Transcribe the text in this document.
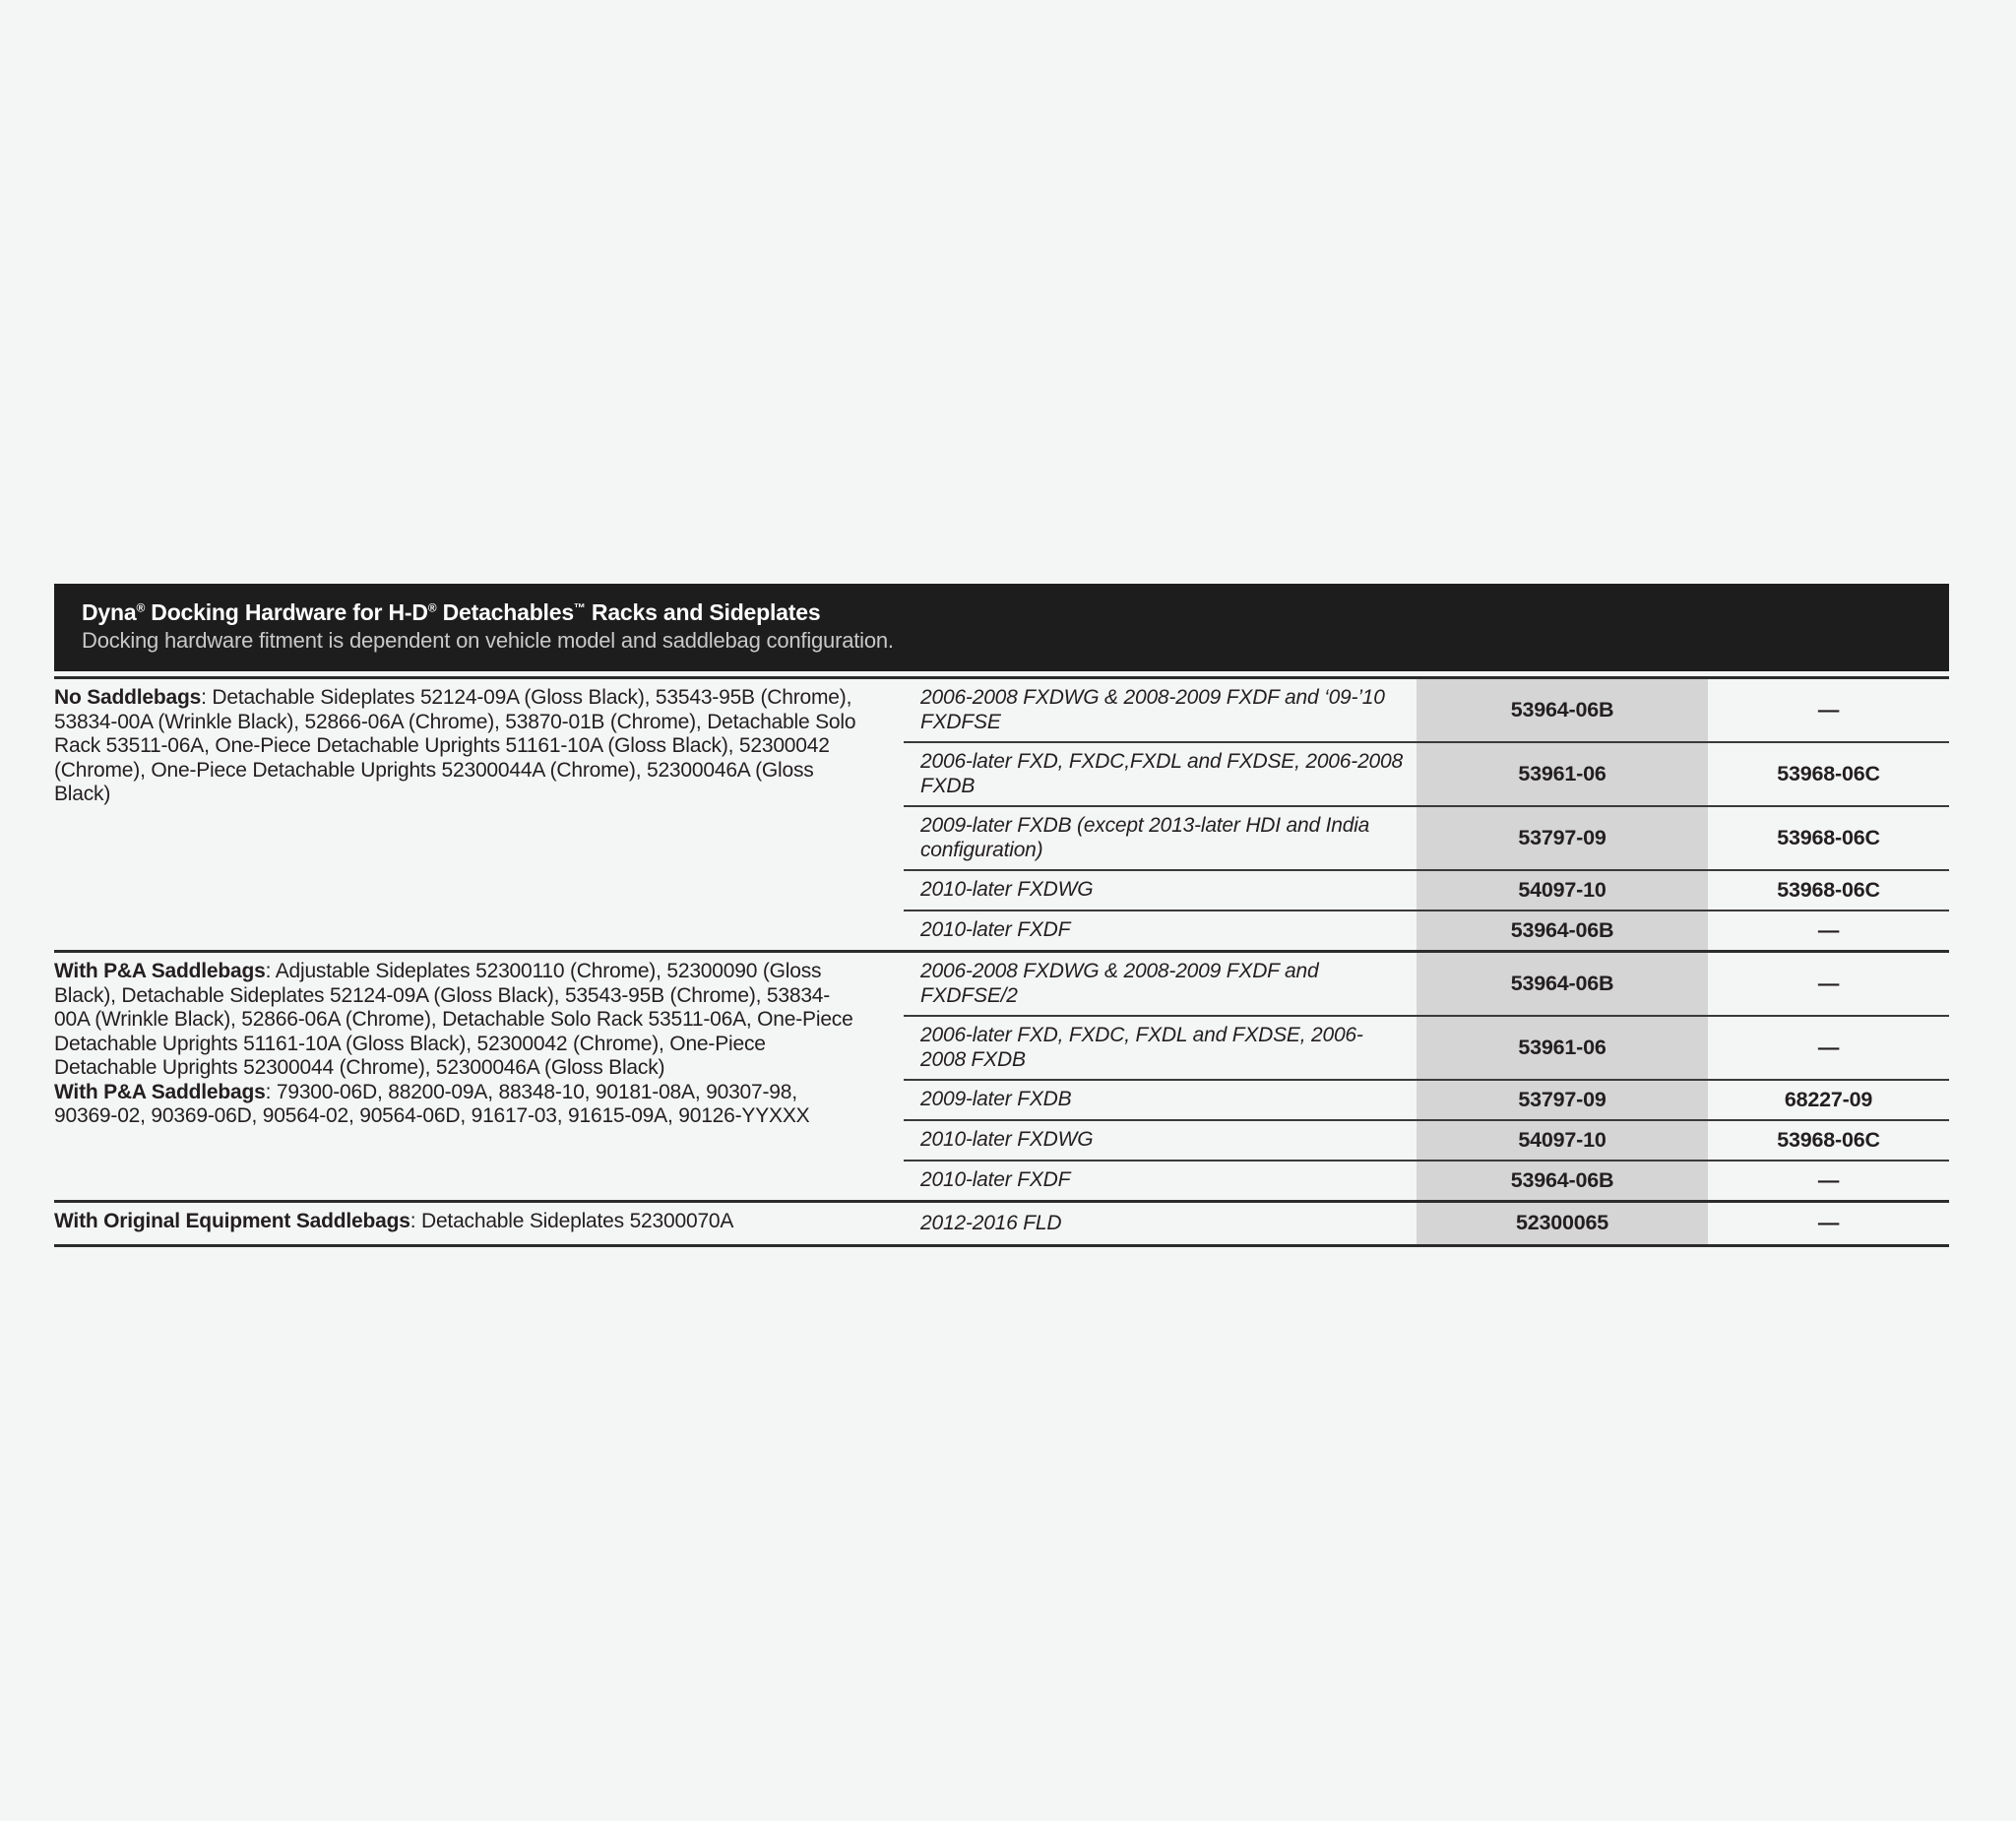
Dyna® Docking Hardware for H-D® Detachables™ Racks and Sideplates
Docking hardware fitment is dependent on vehicle model and saddlebag configuration.

No Saddlebags: Detachable Sideplates 52124-09A (Gloss Black), 53543-95B (Chrome), 53834-00A (Wrinkle Black), 52866-06A (Chrome), 53870-01B (Chrome), Detachable Solo Rack 53511-06A, One-Piece Detachable Uprights 51161-10A (Gloss Black), 52300042 (Chrome), One-Piece Detachable Uprights 52300044A (Chrome), 52300046A (Gloss Black)

2006-2008 FXDWG & 2008-2009 FXDF and ‘09-’10 FXDFSE	53964-06B	—
2006-later FXD, FXDC,FXDL and FXDSE, 2006-2008 FXDB	53961-06	53968-06C
2009-later FXDB (except 2013-later HDI and India configuration)	53797-09	53968-06C
2010-later FXDWG	54097-10	53968-06C
2010-later FXDF	53964-06B	—

With P&A Saddlebags: Adjustable Sideplates 52300110 (Chrome), 52300090 (Gloss Black), Detachable Sideplates 52124-09A (Gloss Black), 53543-95B (Chrome), 53834-00A (Wrinkle Black), 52866-06A (Chrome), Detachable Solo Rack 53511-06A, One-Piece Detachable Uprights 51161-10A (Gloss Black), 52300042 (Chrome), One-Piece Detachable Uprights 52300044 (Chrome), 52300046A (Gloss Black)

With P&A Saddlebags: 79300-06D, 88200-09A, 88348-10, 90181-08A, 90307-98, 90369-02, 90369-06D, 90564-02, 90564-06D, 91617-03, 91615-09A, 90126-YYXXX

2006-2008 FXDWG & 2008-2009 FXDF and FXDFSE/2	53964-06B	—
2006-later FXD, FXDC, FXDL and FXDSE, 2006-2008 FXDB	53961-06	—
2009-later FXDB	53797-09	68227-09
2010-later FXDWG	54097-10	53968-06C
2010-later FXDF	53964-06B	—

With Original Equipment Saddlebags: Detachable Sideplates 52300070A	2012-2016 FLD	52300065	—
